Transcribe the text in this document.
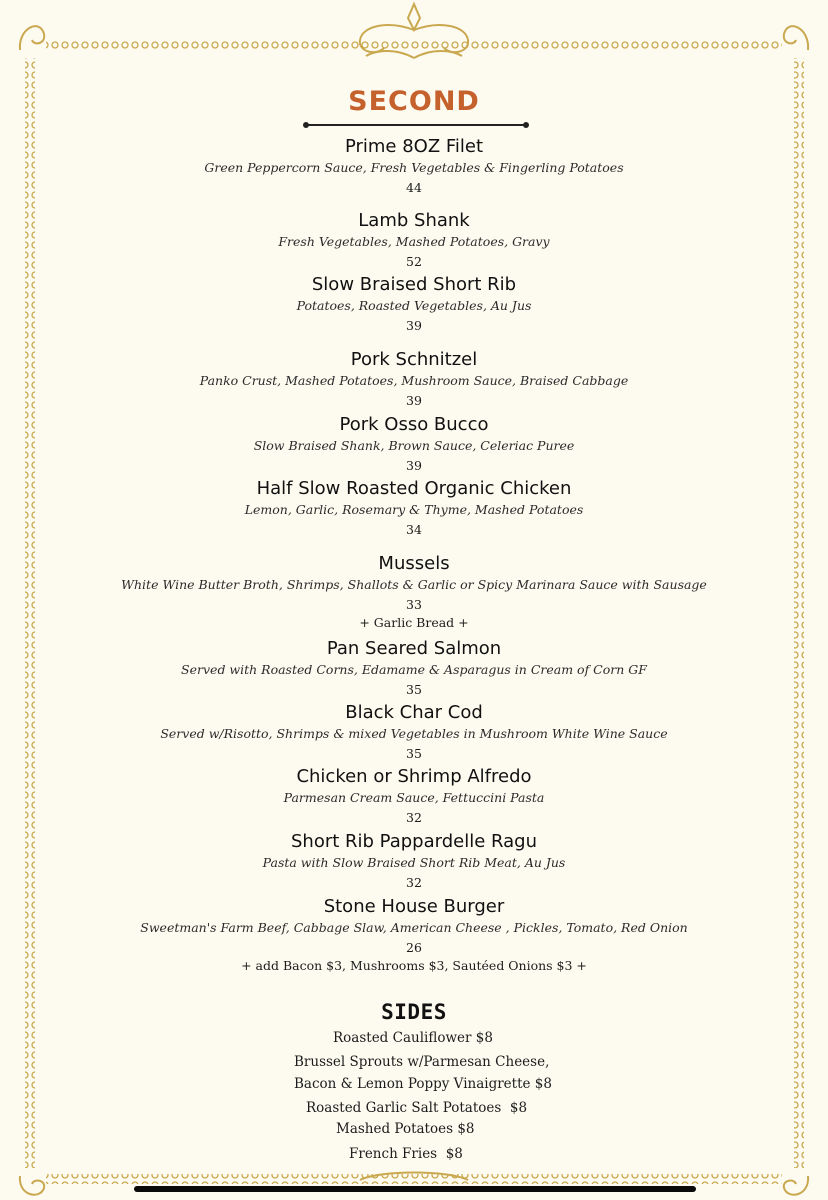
SECOND
Prime 8OZ Filet
Green Peppercorn Sauce, Fresh Vegetables & Fingerling Potatoes
44
Lamb Shank
Fresh Vegetables, Mashed Potatoes, Gravy
52
Slow Braised Short Rib
Potatoes, Roasted Vegetables, Au Jus
39
Pork Schnitzel
Panko Crust, Mashed Potatoes, Mushroom Sauce, Braised Cabbage
39
Pork Osso Bucco
Slow Braised Shank, Brown Sauce, Celeriac Puree
39
Half Slow Roasted Organic Chicken
Lemon, Garlic, Rosemary & Thyme, Mashed Potatoes
34
Mussels
White Wine Butter Broth, Shrimps, Shallots & Garlic or Spicy Marinara Sauce with Sausage
33
+ Garlic Bread +
Pan Seared Salmon
Served with Roasted Corns, Edamame & Asparagus in Cream of Corn GF
35
Black Char Cod
Served w/Risotto, Shrimps & mixed Vegetables in Mushroom White Wine Sauce
35
Chicken or Shrimp Alfredo
Parmesan Cream Sauce, Fettuccini Pasta
32
Short Rib Pappardelle Ragu
Pasta with Slow Braised Short Rib Meat, Au Jus
32
Stone House Burger
Sweetman's Farm Beef, Cabbage Slaw, American Cheese , Pickles, Tomato, Red Onion
26
+ add Bacon $3, Mushrooms $3, Sautéed Onions $3 +
SIDES
Roasted Cauliflower $8
Brussel Sprouts w/Parmesan Cheese,
Bacon & Lemon Poppy Vinaigrette $8
Roasted Garlic Salt Potatoes  $8
Mashed Potatoes $8
French Fries  $8
